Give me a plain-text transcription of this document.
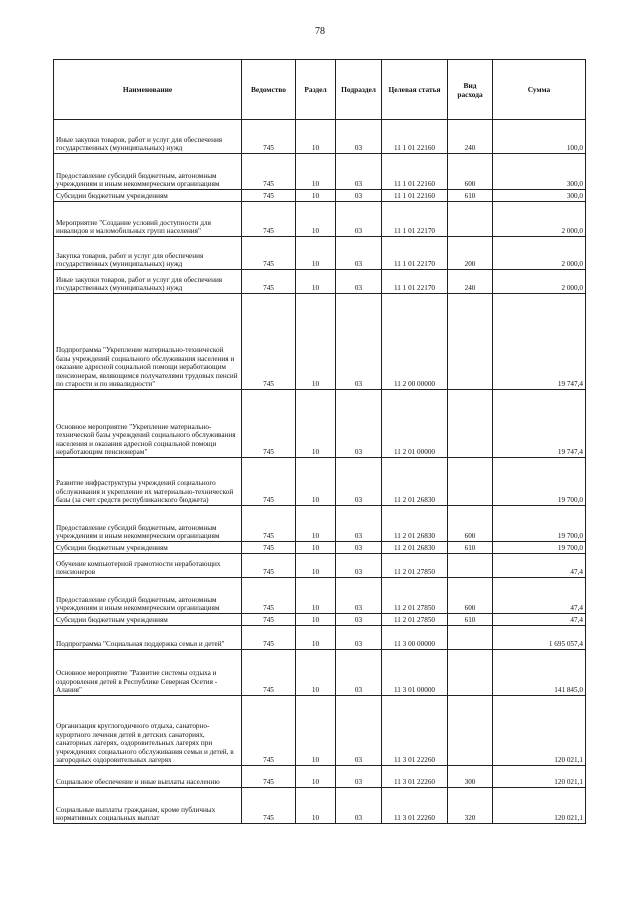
78
Наименование	Ведомство	Раздел	Подраздел	Целевая статья	Вид расхода	Сумма
Иные закупки товаров, работ и услуг для обеспечения государственных (муниципальных) нужд	745	10	03	11 1 01 22160	240	100,0
Предоставление субсидий бюджетным, автономным учреждениям и иным некоммерческим организациям	745	10	03	11 1 01 22160	600	300,0
Субсидии бюджетным учреждениям	745	10	03	11 1 01 22160	610	300,0
Мероприятие "Создание условий доступности для инвалидов и маломобильных групп населения"	745	10	03	11 1 01 22170		2 000,0
Закупка товаров, работ и услуг для обеспечения государственных (муниципальных) нужд	745	10	03	11 1 01 22170	200	2 000,0
Иные закупки товаров, работ и услуг для обеспечения государственных (муниципальных) нужд	745	10	03	11 1 01 22170	240	2 000,0
Подпрограмма "Укрепление материально-технической базы учреждений социального обслуживания населения и оказание адресной социальной помощи неработающим пенсионерам, являющимся получателями трудовых пенсий по старости и по инвалидности"	745	10	03	11 2 00 00000		19 747,4
Основное мероприятие "Укрепление материально-технической базы учреждений социального обслуживания населения и оказания адресной социальной помощи неработающим пенсионерам"	745	10	03	11 2 01 00000		19 747,4
Развитие инфраструктуры учреждений социального обслуживания и укрепление их материально-технической базы (за счет средств республиканского бюджета)	745	10	03	11 2 01 26830		19 700,0
Предоставление субсидий бюджетным, автономным учреждениям и иным некоммерческим организациям	745	10	03	11 2 01 26830	600	19 700,0
Субсидии бюджетным учреждениям	745	10	03	11 2 01 26830	610	19 700,0
Обучение компьютерной грамотности неработающих пенсионеров	745	10	03	11 2 01 27850		47,4
Предоставление субсидий бюджетным, автономным учреждениям и иным некоммерческим организациям	745	10	03	11 2 01 27850	600	47,4
Субсидии бюджетным учреждениям	745	10	03	11 2 01 27850	610	47,4
Подпрограмма "Социальная поддержка семьи и детей"	745	10	03	11 3 00 00000		1 695 057,4
Основное мероприятие "Развитие системы отдыха и оздоровления детей в Республике Северная Осетия - Алания"	745	10	03	11 3 01 00000		141 845,0
Организация круглогодичного отдыха, санаторно-курортного лечения детей в детских санаториях, санаторных лагерях, оздоровительных лагерях при учреждениях социального обслуживания семьи и детей, в загородных оздоровительных лагерях	745	10	03	11 3 01 22260		120 021,1
Социальное обеспечение и иные выплаты населению	745	10	03	11 3 01 22260	300	120 021,1
Социальные выплаты гражданам, кроме публичных нормативных социальных выплат	745	10	03	11 3 01 22260	320	120 021,1
